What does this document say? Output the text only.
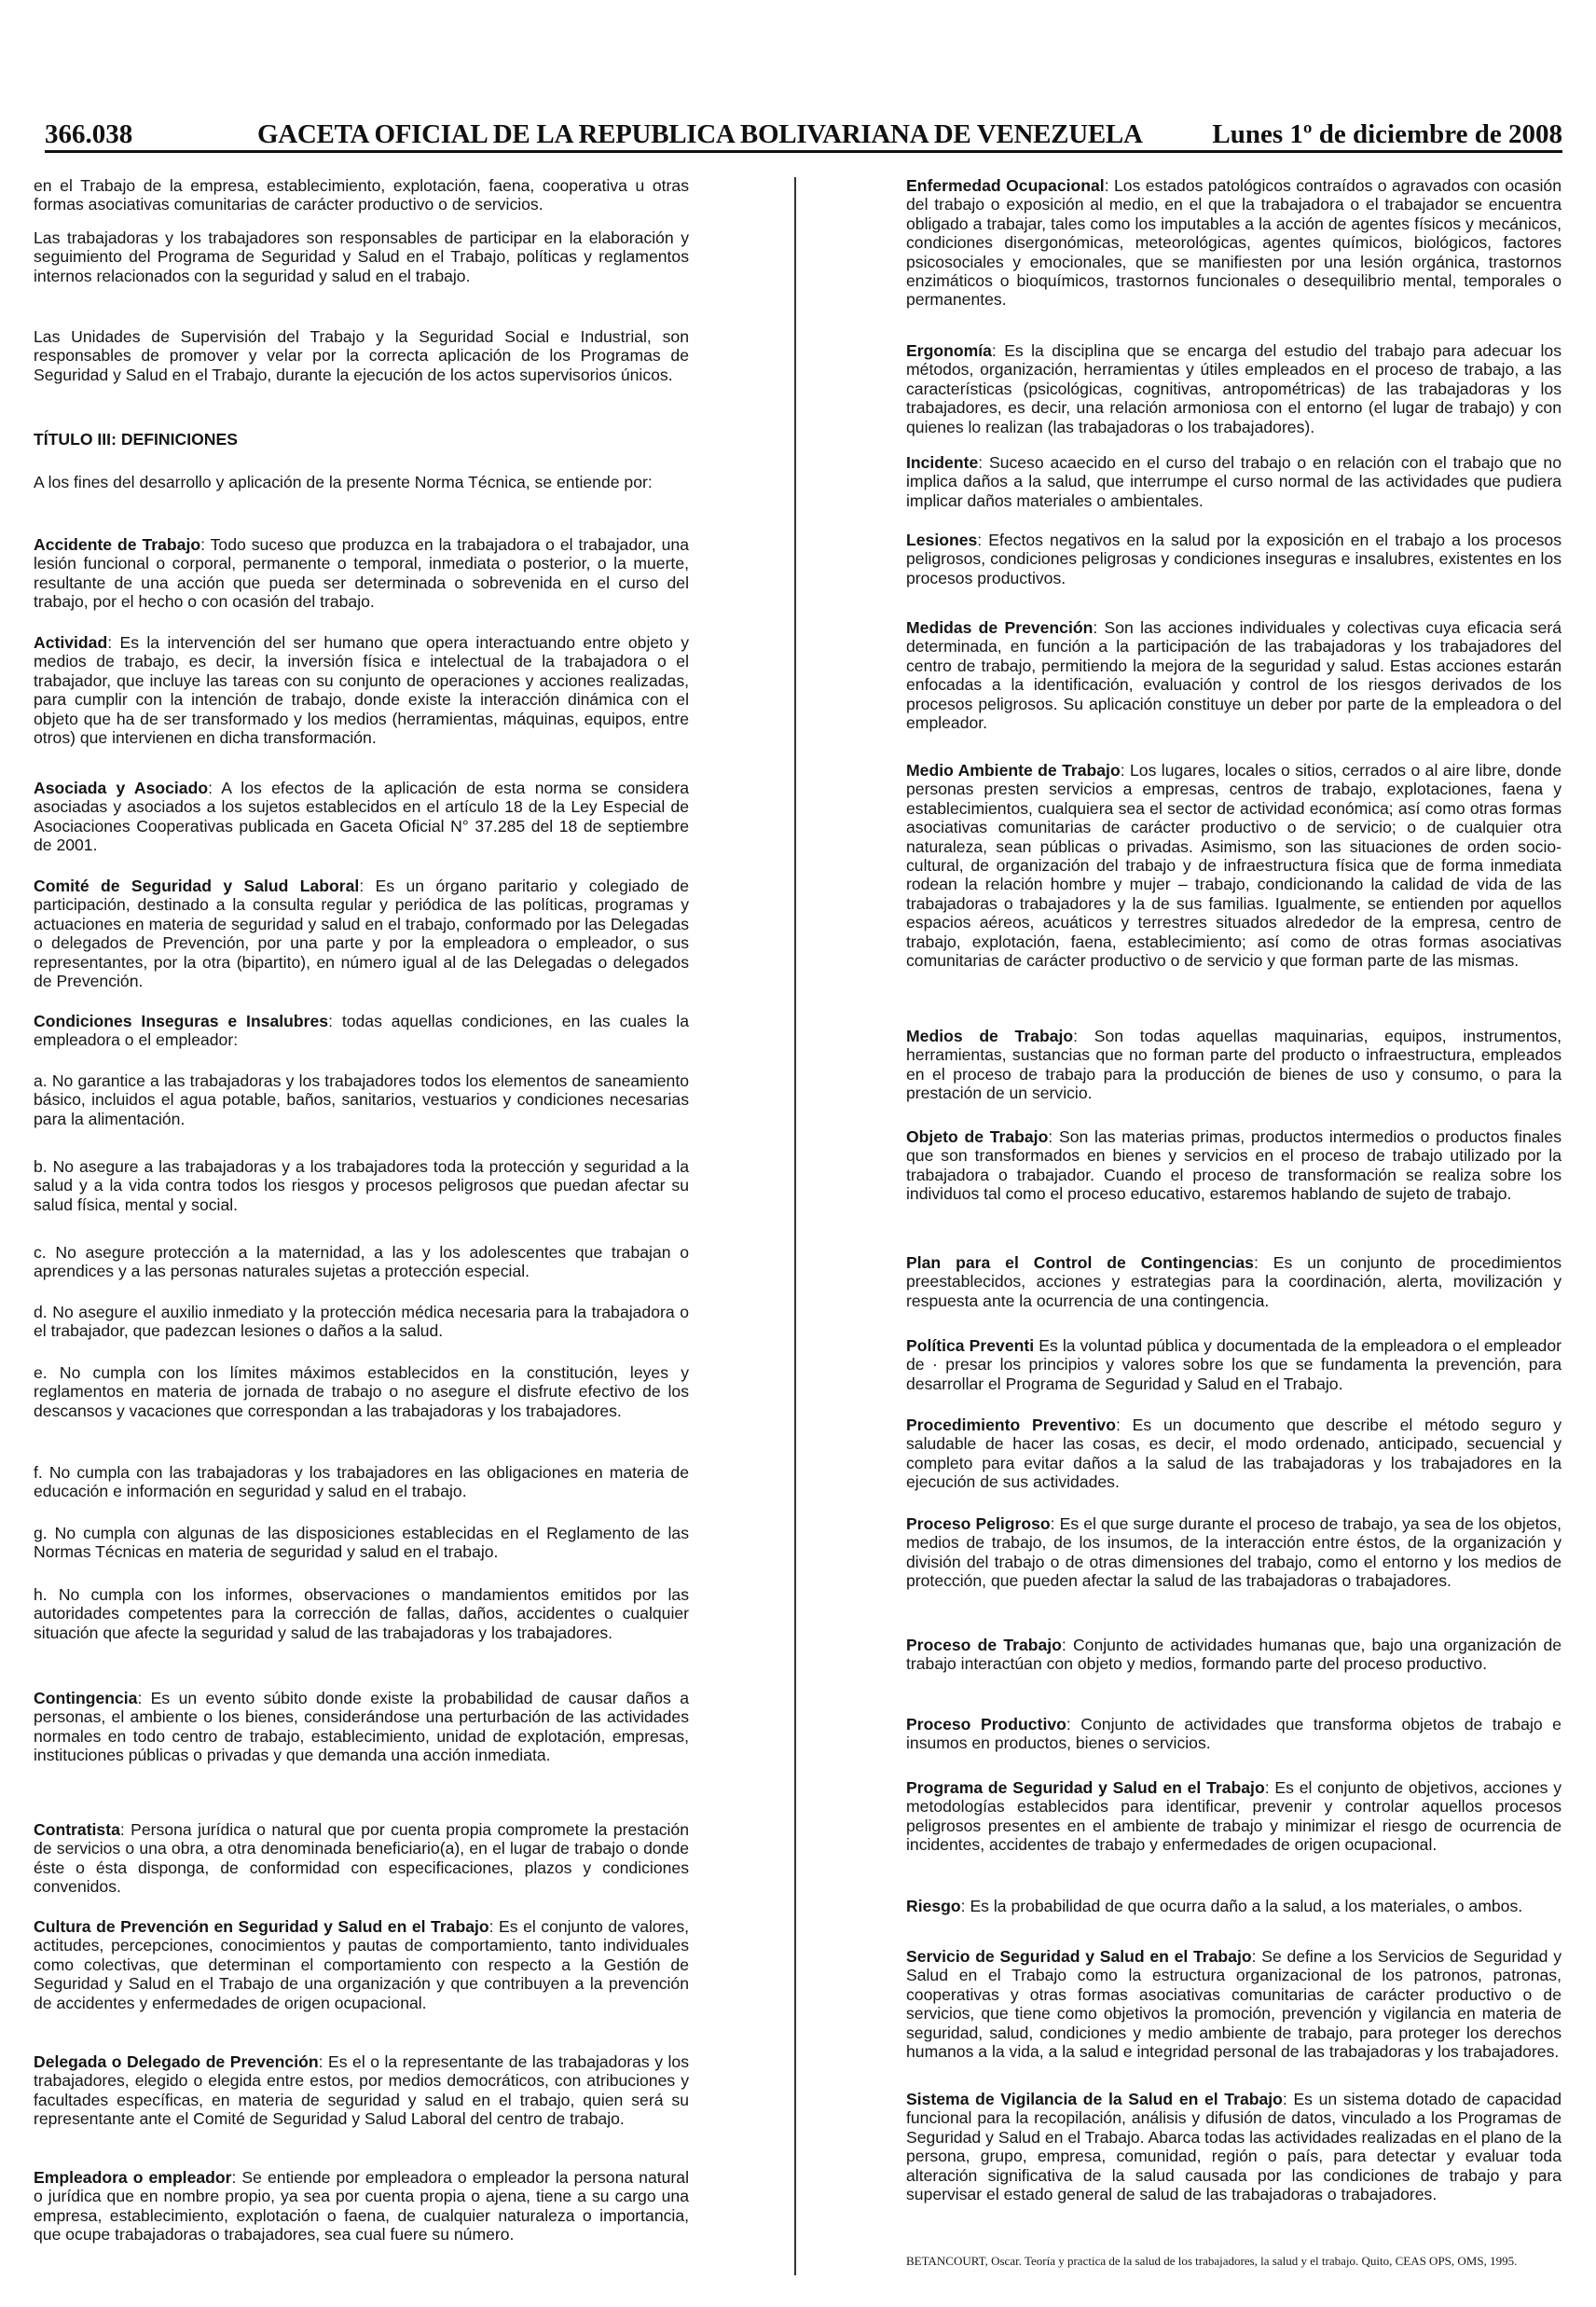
366.038	GACETA OFICIAL DE LA REPUBLICA BOLIVARIANA DE VENEZUELA	Lunes 1º de diciembre de 2008

en el Trabajo de la empresa, establecimiento, explotación, faena, cooperativa u otras formas asociativas comunitarias de carácter productivo o de servicios.

Las trabajadoras y los trabajadores son responsables de participar en la elaboración y seguimiento del Programa de Seguridad y Salud en el Trabajo, políticas y reglamentos internos relacionados con la seguridad y salud en el trabajo.

Las Unidades de Supervisión del Trabajo y la Seguridad Social e Industrial, son responsables de promover y velar por la correcta aplicación de los Programas de Seguridad y Salud en el Trabajo, durante la ejecución de los actos supervisorios únicos.

TÍTULO III: DEFINICIONES

A los fines del desarrollo y aplicación de la presente Norma Técnica, se entiende por:

Accidente de Trabajo: Todo suceso que produzca en la trabajadora o el trabajador, una lesión funcional o corporal, permanente o temporal, inmediata o posterior, o la muerte, resultante de una acción que pueda ser determinada o sobrevenida en el curso del trabajo, por el hecho o con ocasión del trabajo.

Actividad: Es la intervención del ser humano que opera interactuando entre objeto y medios de trabajo, es decir, la inversión física e intelectual de la trabajadora o el trabajador, que incluye las tareas con su conjunto de operaciones y acciones realizadas, para cumplir con la intención de trabajo, donde existe la interacción dinámica con el objeto que ha de ser transformado y los medios (herramientas, máquinas, equipos, entre otros) que intervienen en dicha transformación.

Asociada y Asociado: A los efectos de la aplicación de esta norma se considera asociadas y asociados a los sujetos establecidos en el artículo 18 de la Ley Especial de Asociaciones Cooperativas publicada en Gaceta Oficial N° 37.285 del 18 de septiembre de 2001.

Comité de Seguridad y Salud Laboral: Es un órgano paritario y colegiado de participación, destinado a la consulta regular y periódica de las políticas, programas y actuaciones en materia de seguridad y salud en el trabajo, conformado por las Delegadas o delegados de Prevención, por una parte y por la empleadora o empleador, o sus representantes, por la otra (bipartito), en número igual al de las Delegadas o delegados de Prevención.

Condiciones Inseguras e Insalubres: todas aquellas condiciones, en las cuales la empleadora o el empleador:

a. No garantice a las trabajadoras y los trabajadores todos los elementos de saneamiento básico, incluidos el agua potable, baños, sanitarios, vestuarios y condiciones necesarias para la alimentación.

b. No asegure a las trabajadoras y a los trabajadores toda la protección y seguridad a la salud y a la vida contra todos los riesgos y procesos peligrosos que puedan afectar su salud física, mental y social.

c. No asegure protección a la maternidad, a las y los adolescentes que trabajan o aprendices y a las personas naturales sujetas a protección especial.

d. No asegure el auxilio inmediato y la protección médica necesaria para la trabajadora o el trabajador, que padezcan lesiones o daños a la salud.

e. No cumpla con los límites máximos establecidos en la constitución, leyes y reglamentos en materia de jornada de trabajo o no asegure el disfrute efectivo de los descansos y vacaciones que correspondan a las trabajadoras y los trabajadores.

f. No cumpla con las trabajadoras y los trabajadores en las obligaciones en materia de educación e información en seguridad y salud en el trabajo.

g. No cumpla con algunas de las disposiciones establecidas en el Reglamento de las Normas Técnicas en materia de seguridad y salud en el trabajo.

h. No cumpla con los informes, observaciones o mandamientos emitidos por las autoridades competentes para la corrección de fallas, daños, accidentes o cualquier situación que afecte la seguridad y salud de las trabajadoras y los trabajadores.

Contingencia: Es un evento súbito donde existe la probabilidad de causar daños a personas, el ambiente o los bienes, considerándose una perturbación de las actividades normales en todo centro de trabajo, establecimiento, unidad de explotación, empresas, instituciones públicas o privadas y que demanda una acción inmediata.

Contratista: Persona jurídica o natural que por cuenta propia compromete la prestación de servicios o una obra, a otra denominada beneficiario(a), en el lugar de trabajo o donde éste o ésta disponga, de conformidad con especificaciones, plazos y condiciones convenidos.

Cultura de Prevención en Seguridad y Salud en el Trabajo: Es el conjunto de valores, actitudes, percepciones, conocimientos y pautas de comportamiento, tanto individuales como colectivas, que determinan el comportamiento con respecto a la Gestión de Seguridad y Salud en el Trabajo de una organización y que contribuyen a la prevención de accidentes y enfermedades de origen ocupacional.

Delegada o Delegado de Prevención: Es el o la representante de las trabajadoras y los trabajadores, elegido o elegida entre estos, por medios democráticos, con atribuciones y facultades específicas, en materia de seguridad y salud en el trabajo, quien será su representante ante el Comité de Seguridad y Salud Laboral del centro de trabajo.

Empleadora o empleador: Se entiende por empleadora o empleador la persona natural o jurídica que en nombre propio, ya sea por cuenta propia o ajena, tiene a su cargo una empresa, establecimiento, explotación o faena, de cualquier naturaleza o importancia, que ocupe trabajadoras o trabajadores, sea cual fuere su número.

Enfermedad Ocupacional: Los estados patológicos contraídos o agravados con ocasión del trabajo o exposición al medio, en el que la trabajadora o el trabajador se encuentra obligado a trabajar, tales como los imputables a la acción de agentes físicos y mecánicos, condiciones disergonómicas, meteorológicas, agentes químicos, biológicos, factores psicosociales y emocionales, que se manifiesten por una lesión orgánica, trastornos enzimáticos o bioquímicos, trastornos funcionales o desequilibrio mental, temporales o permanentes.

Ergonomía: Es la disciplina que se encarga del estudio del trabajo para adecuar los métodos, organización, herramientas y útiles empleados en el proceso de trabajo, a las características (psicológicas, cognitivas, antropométricas) de las trabajadoras y los trabajadores, es decir, una relación armoniosa con el entorno (el lugar de trabajo) y con quienes lo realizan (las trabajadoras o los trabajadores).

Incidente: Suceso acaecido en el curso del trabajo o en relación con el trabajo que no implica daños a la salud, que interrumpe el curso normal de las actividades que pudiera implicar daños materiales o ambientales.

Lesiones: Efectos negativos en la salud por la exposición en el trabajo a los procesos peligrosos, condiciones peligrosas y condiciones inseguras e insalubres, existentes en los procesos productivos.

Medidas de Prevención: Son las acciones individuales y colectivas cuya eficacia será determinada, en función a la participación de las trabajadoras y los trabajadores del centro de trabajo, permitiendo la mejora de la seguridad y salud. Estas acciones estarán enfocadas a la identificación, evaluación y control de los riesgos derivados de los procesos peligrosos. Su aplicación constituye un deber por parte de la empleadora o del empleador.

Medio Ambiente de Trabajo: Los lugares, locales o sitios, cerrados o al aire libre, donde personas presten servicios a empresas, centros de trabajo, explotaciones, faena y establecimientos, cualquiera sea el sector de actividad económica; así como otras formas asociativas comunitarias de carácter productivo o de servicio; o de cualquier otra naturaleza, sean públicas o privadas. Asimismo, son las situaciones de orden socio-cultural, de organización del trabajo y de infraestructura física que de forma inmediata rodean la relación hombre y mujer – trabajo, condicionando la calidad de vida de las trabajadoras o trabajadores y la de sus familias. Igualmente, se entienden por aquellos espacios aéreos, acuáticos y terrestres situados alrededor de la empresa, centro de trabajo, explotación, faena, establecimiento; así como de otras formas asociativas comunitarias de carácter productivo o de servicio y que forman parte de las mismas.

Medios de Trabajo: Son todas aquellas maquinarias, equipos, instrumentos, herramientas, sustancias que no forman parte del producto o infraestructura, empleados en el proceso de trabajo para la producción de bienes de uso y consumo, o para la prestación de un servicio.

Objeto de Trabajo: Son las materias primas, productos intermedios o productos finales que son transformados en bienes y servicios en el proceso de trabajo utilizado por la trabajadora o trabajador. Cuando el proceso de transformación se realiza sobre los individuos tal como el proceso educativo, estaremos hablando de sujeto de trabajo.

Plan para el Control de Contingencias: Es un conjunto de procedimientos preestablecidos, acciones y estrategias para la coordinación, alerta, movilización y respuesta ante la ocurrencia de una contingencia.

Política Preventi Es la voluntad pública y documentada de la empleadora o el empleador de · presar los principios y valores sobre los que se fundamenta la prevención, para desarrollar el Programa de Seguridad y Salud en el Trabajo.

Procedimiento Preventivo: Es un documento que describe el método seguro y saludable de hacer las cosas, es decir, el modo ordenado, anticipado, secuencial y completo para evitar daños a la salud de las trabajadoras y los trabajadores en la ejecución de sus actividades.

Proceso Peligroso: Es el que surge durante el proceso de trabajo, ya sea de los objetos, medios de trabajo, de los insumos, de la interacción entre éstos, de la organización y división del trabajo o de otras dimensiones del trabajo, como el entorno y los medios de protección, que pueden afectar la salud de las trabajadoras o trabajadores.

Proceso de Trabajo: Conjunto de actividades humanas que, bajo una organización de trabajo interactúan con objeto y medios, formando parte del proceso productivo.

Proceso Productivo: Conjunto de actividades que transforma objetos de trabajo e insumos en productos, bienes o servicios.

Programa de Seguridad y Salud en el Trabajo: Es el conjunto de objetivos, acciones y metodologías establecidos para identificar, prevenir y controlar aquellos procesos peligrosos presentes en el ambiente de trabajo y minimizar el riesgo de ocurrencia de incidentes, accidentes de trabajo y enfermedades de origen ocupacional.

Riesgo: Es la probabilidad de que ocurra daño a la salud, a los materiales, o ambos.

Servicio de Seguridad y Salud en el Trabajo: Se define a los Servicios de Seguridad y Salud en el Trabajo como la estructura organizacional de los patronos, patronas, cooperativas y otras formas asociativas comunitarias de carácter productivo o de servicios, que tiene como objetivos la promoción, prevención y vigilancia en materia de seguridad, salud, condiciones y medio ambiente de trabajo, para proteger los derechos humanos a la vida, a la salud e integridad personal de las trabajadoras y los trabajadores.

Sistema de Vigilancia de la Salud en el Trabajo: Es un sistema dotado de capacidad funcional para la recopilación, análisis y difusión de datos, vinculado a los Programas de Seguridad y Salud en el Trabajo. Abarca todas las actividades realizadas en el plano de la persona, grupo, empresa, comunidad, región o país, para detectar y evaluar toda alteración significativa de la salud causada por las condiciones de trabajo y para supervisar el estado general de salud de las trabajadoras o trabajadores.

BETANCOURT, Oscar. Teoría y practica de la salud de los trabajadores, la salud y el trabajo. Quito, CEAS OPS, OMS, 1995.
